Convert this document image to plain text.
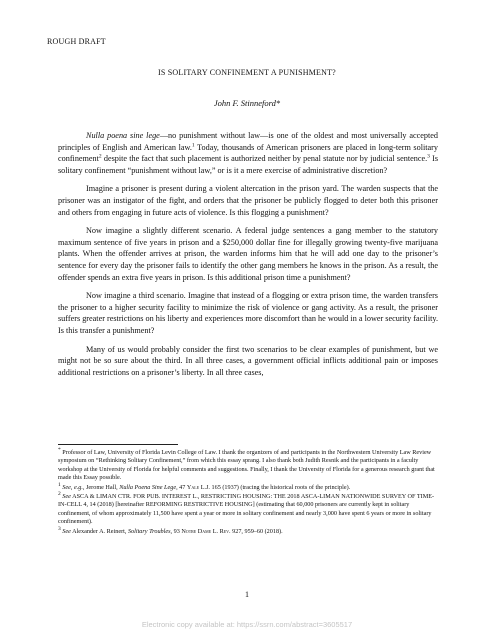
ROUGH DRAFT
IS SOLITARY CONFINEMENT A PUNISHMENT?
John F. Stinneford*

Nulla poena sine lege—no punishment without law—is one of the oldest and most universally accepted principles of English and American law.$^1$ Today, thousands of American prisoners are placed in long-term solitary confinement$^2$ despite the fact that such placement is authorized neither by penal statute nor by judicial sentence.$^3$ Is solitary confinement “punishment without law,” or is it a mere exercise of administrative discretion?

Imagine a prisoner is present during a violent altercation in the prison yard. The warden suspects that the prisoner was an instigator of the fight, and orders that the prisoner be publicly flogged to deter both this prisoner and others from engaging in future acts of violence. Is this flogging a punishment?

Now imagine a slightly different scenario. A federal judge sentences a gang member to the statutory maximum sentence of five years in prison and a $250,000 dollar fine for illegally growing twenty-five marijuana plants. When the offender arrives at prison, the warden informs him that he will add one day to the prisoner’s sentence for every day the prisoner fails to identify the other gang members he knows in the prison. As a result, the offender spends an extra five years in prison. Is this additional prison time a punishment?

Now imagine a third scenario. Imagine that instead of a flogging or extra prison time, the warden transfers the prisoner to a higher security facility to minimize the risk of violence or gang activity. As a result, the prisoner suffers greater restrictions on his liberty and experiences more discomfort than he would in a lower security facility. Is this transfer a punishment?

Many of us would probably consider the first two scenarios to be clear examples of punishment, but we might not be so sure about the third. In all three cases, a government official inflicts additional pain or imposes additional restrictions on a prisoner’s liberty. In all three cases,

* Professor of Law, University of Florida Levin College of Law. I thank the organizers of and participants in the Northwestern University Law Review symposium on “Rethinking Solitary Confinement,” from which this essay sprang. I also thank both Judith Resnik and the participants in a faculty workshop at the University of Florida for helpful comments and suggestions. Finally, I thank the University of Florida for a generous research grant that made this Essay possible.
$^1$ See, e.g., Jerome Hall, Nulla Poena Sine Lege, 47 Yale L.J. 165 (1937) (tracing the historical roots of the principle).
$^2$ See ASCA & LIMAN CTR. FOR PUB. INTEREST L., RESTRICTING HOUSING: THE 2018 ASCA-LIMAN NATIONWIDE SURVEY OF TIME-IN-CELL 4, 14 (2018) [hereinafter REFORMING RESTRICTIVE HOUSING] (estimating that 60,000 prisoners are currently kept in solitary confinement, of whom approximately 11,500 have spent a year or more in solitary confinement and nearly 3,000 have spent 6 years or more in solitary confinement).
$^3$ See Alexander A. Reinert, Solitary Troubles, 93 Notre Dame L. Rev. 927, 959–60 (2018).
1
Electronic copy available at: https://ssrn.com/abstract=3605517
